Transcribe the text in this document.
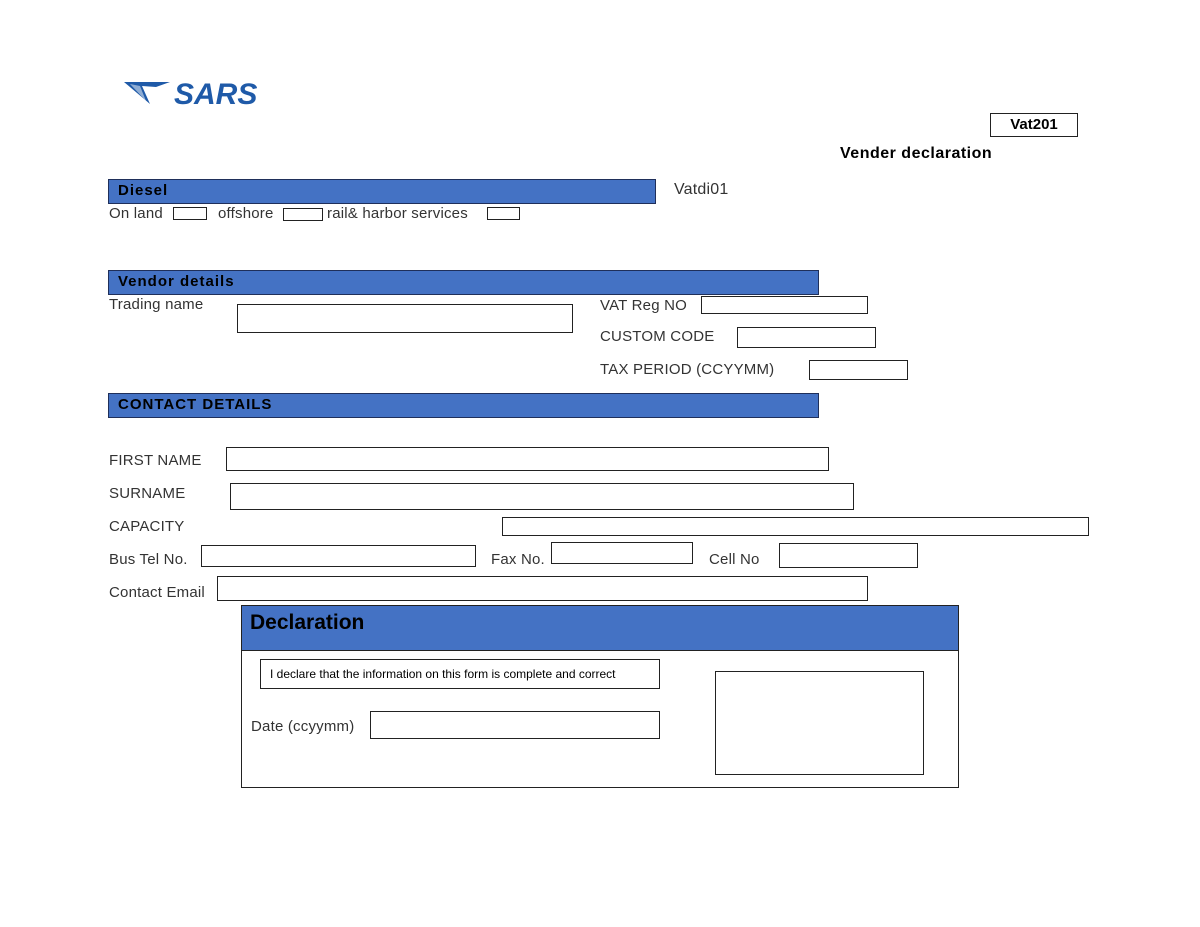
SARS
Vat201
Vender declaration
Diesel	Vatdi01
On land	offshore	rail& harbor services
Vendor details
Trading name	VAT Reg NO
CUSTOM CODE
TAX PERIOD (CCYYMM)
CONTACT DETAILS
FIRST NAME
SURNAME
CAPACITY
Bus Tel No.	Fax No.	Cell No
Contact Email
Declaration
I declare that the information on this form is complete and correct
Date (ccyymm)
